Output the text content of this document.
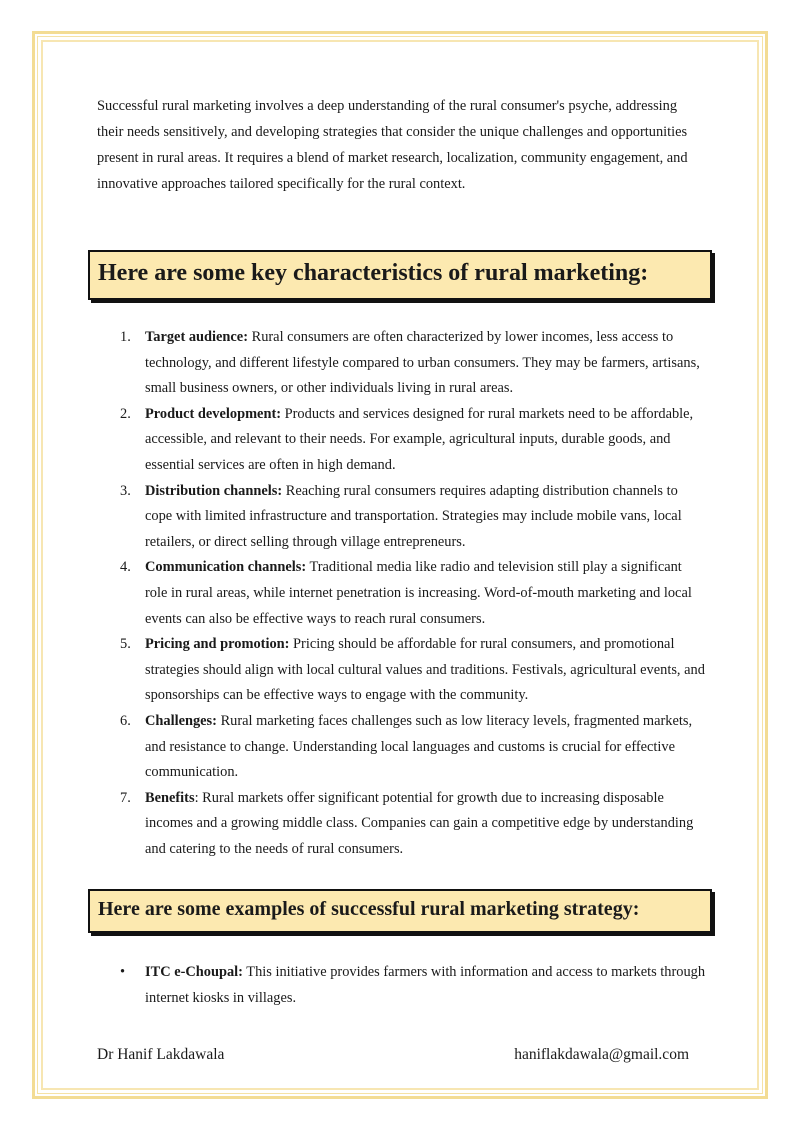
Successful rural marketing involves a deep understanding of the rural consumer's psyche, addressing their needs sensitively, and developing strategies that consider the unique challenges and opportunities present in rural areas. It requires a blend of market research, localization, community engagement, and innovative approaches tailored specifically for the rural context.

Here are some key characteristics of rural marketing:
1. Target audience: Rural consumers are often characterized by lower incomes, less access to technology, and different lifestyle compared to urban consumers. They may be farmers, artisans, small business owners, or other individuals living in rural areas.
2. Product development: Products and services designed for rural markets need to be affordable, accessible, and relevant to their needs. For example, agricultural inputs, durable goods, and essential services are often in high demand.
3. Distribution channels: Reaching rural consumers requires adapting distribution channels to cope with limited infrastructure and transportation. Strategies may include mobile vans, local retailers, or direct selling through village entrepreneurs.
4. Communication channels: Traditional media like radio and television still play a significant role in rural areas, while internet penetration is increasing. Word-of-mouth marketing and local events can also be effective ways to reach rural consumers.
5. Pricing and promotion: Pricing should be affordable for rural consumers, and promotional strategies should align with local cultural values and traditions. Festivals, agricultural events, and sponsorships can be effective ways to engage with the community.
6. Challenges: Rural marketing faces challenges such as low literacy levels, fragmented markets, and resistance to change. Understanding local languages and customs is crucial for effective communication.
7. Benefits: Rural markets offer significant potential for growth due to increasing disposable incomes and a growing middle class. Companies can gain a competitive edge by understanding and catering to the needs of rural consumers.
Here are some examples of successful rural marketing strategy:
• ITC e-Choupal: This initiative provides farmers with information and access to markets through internet kiosks in villages.
Dr Hanif Lakdawala	haniflakdawala@gmail.com
